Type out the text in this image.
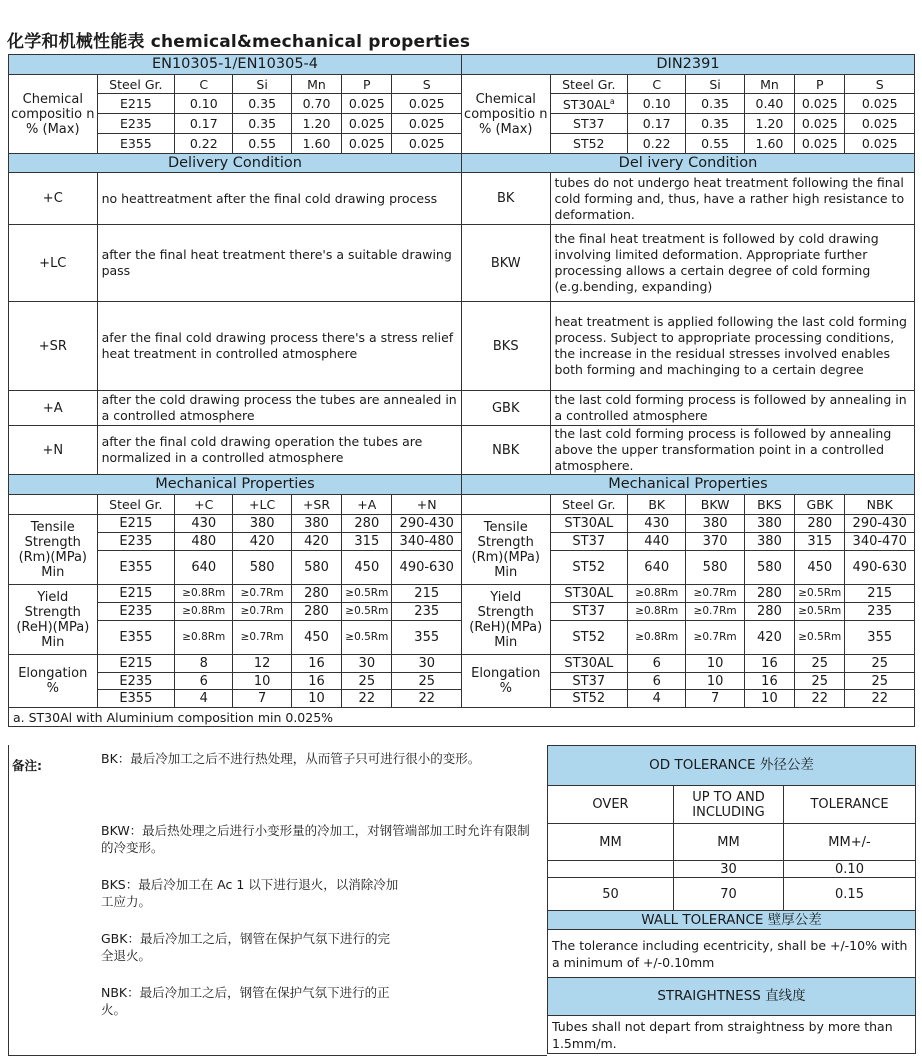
化学和机械性能表 chemical&mechanical properties
EN10305-1/EN10305-4							DIN2391						
Chemical compositio n % (Max)	Steel Gr.	C	Si	Mn	P	S	Chemical compositio n % (Max)	Steel Gr.	C	Si	Mn	P	S
	E215	0.10	0.35	0.70	0.025	0.025		$ST30AL^a$	0.10	0.35	0.40	0.025	0.025
	E235	0.17	0.35	1.20	0.025	0.025		ST37	0.17	0.35	1.20	0.025	0.025
	E355	0.22	0.55	1.60	0.025	0.025		ST52	0.22	0.55	1.60	0.025	0.025
Delivery Condition							Del ivery Condition						
+C	no heattreatment after the final cold drawing process						BK	tubes do not undergo heat treatment following the final cold forming and, thus, have a rather high resistance to deformation.					
+LC	after the final heat treatment there's a suitable drawing pass						BKW	the final heat treatment is followed by cold drawing involving limited deformation. Appropriate further processing allows a certain degree of cold forming (e.g.bending, expanding)					
+SR	afer the final cold drawing process there's a stress relief heat treatment in controlled atmosphere						BKS	heat treatment is applied following the last cold forming process. Subject to appropriate processing conditions, the increase in the residual stresses involved enables both forming and machinging to a certain degree					
+A	after the cold drawing process the tubes are annealed in a controlled atmosphere						GBK	the last cold forming process is followed by annealing in a controlled atmosphere					
+N	after the final cold drawing operation the tubes are normalized in a controlled atmosphere						NBK	the last cold forming process is followed by annealing above the upper transformation point in a controlled atmosphere.					
Mechanical Properties							Mechanical Properties						
	Steel Gr.	+C	+LC	+SR	+A	+N		Steel Gr.	BK	BKW	BKS	GBK	NBK
Tensile Strength (Rm)(MPa) Min	E215	430	380	380	280	290-430	Tensile Strength (Rm)(MPa) Min	ST30AL	430	380	380	280	290-430
	E235	480	420	420	315	340-480		ST37	440	370	380	315	340-470
	E355	640	580	580	450	490-630		ST52	640	580	580	450	490-630
Yield Strength (ReH)(MPa) Min	E215	≥0.8Rm	≥0.7Rm	280	≥0.5Rm	215	Yield Strength (ReH)(MPa) Min	ST30AL	≥0.8Rm	≥0.7Rm	280	≥0.5Rm	215
	E235	≥0.8Rm	≥0.7Rm	280	≥0.5Rm	235		ST37	≥0.8Rm	≥0.7Rm	280	≥0.5Rm	235
	E355	≥0.8Rm	≥0.7Rm	450	≥0.5Rm	355		ST52	≥0.8Rm	≥0.7Rm	420	≥0.5Rm	355
Elongation %	E215	8	12	16	30	30	Elongation %	ST30AL	6	10	16	25	25
	E235	6	10	16	25	25		ST37	6	10	16	25	25
	E355	4	7	10	22	22		ST52	4	7	10	22	22
a. ST30Al with Aluminium composition min 0.025%													
备注:	BK：最后冷加工之后不进行热处理，从而管子只可进行很小的变形。
BKW：最后热处理之后进行小变形量的冷加工，对钢管端部加工时允许有限制的冷变形。
BKS：最后冷加工在 Ac 1 以下进行退火，以消除冷加工应力。
GBK：最后冷加工之后，钢管在保护气氛下进行的完全退火。
NBK：最后冷加工之后，钢管在保护气氛下进行的正火。
OD TOLERANCE 外径公差		
OVER	UP TO AND INCLUDING	TOLERANCE
MM	MM	MM+/-
	30	0.10
50	70	0.15
WALL TOLERANCE 壁厚公差		
The tolerance including ecentricity, shall be +/-10% with a minimum of +/-0.10mm		
STRAIGHTNESS 直线度		
Tubes shall not depart from straightness by more than 1.5mm/m.		
